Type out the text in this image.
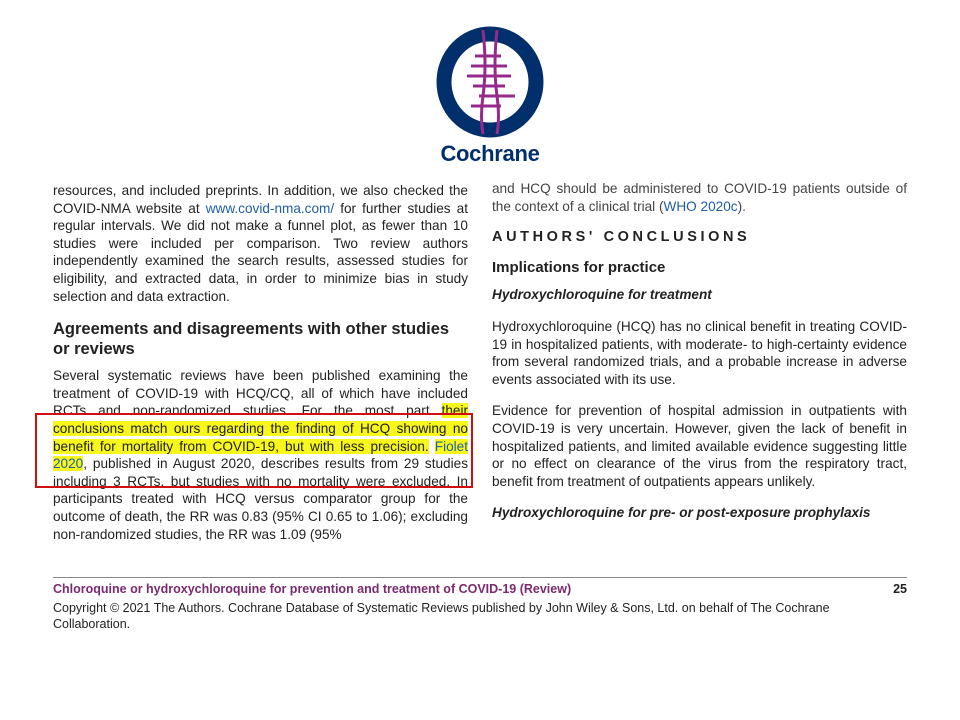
Cochrane

resources, and included preprints. In addition, we also checked the COVID-NMA website at www.covid-nma.com/ for further studies at regular intervals. We did not make a funnel plot, as fewer than 10 studies were included per comparison. Two review authors independently examined the search results, assessed studies for eligibility, and extracted data, in order to minimize bias in study selection and data extraction.

Agreements and disagreements with other studies or reviews

Several systematic reviews have been published examining the treatment of COVID-19 with HCQ/CQ, all of which have included RCTs and non-randomized studies. For the most part their conclusions match ours regarding the finding of HCQ showing no benefit for mortality from COVID-19, but with less precision. Fiolet 2020, published in August 2020, describes results from 29 studies including 3 RCTs, but studies with no mortality were excluded. In participants treated with HCQ versus comparator group for the outcome of death, the RR was 0.83 (95% CI 0.65 to 1.06); excluding non-randomized studies, the RR was 1.09 (95%

and HCQ should be administered to COVID-19 patients outside of the context of a clinical trial (WHO 2020c).

AUTHORS' CONCLUSIONS
Implications for practice
Hydroxychloroquine for treatment

Hydroxychloroquine (HCQ) has no clinical benefit in treating COVID-19 in hospitalized patients, with moderate- to high-certainty evidence from several randomized trials, and a probable increase in adverse events associated with its use.

Evidence for prevention of hospital admission in outpatients with COVID-19 is very uncertain. However, given the lack of benefit in hospitalized patients, and limited available evidence suggesting little or no effect on clearance of the virus from the respiratory tract, benefit from treatment of outpatients appears unlikely.

Hydroxychloroquine for pre- or post-exposure prophylaxis
Chloroquine or hydroxychloroquine for prevention and treatment of COVID-19 (Review)	25
Copyright © 2021 The Authors. Cochrane Database of Systematic Reviews published by John Wiley & Sons, Ltd. on behalf of The Cochrane Collaboration.
